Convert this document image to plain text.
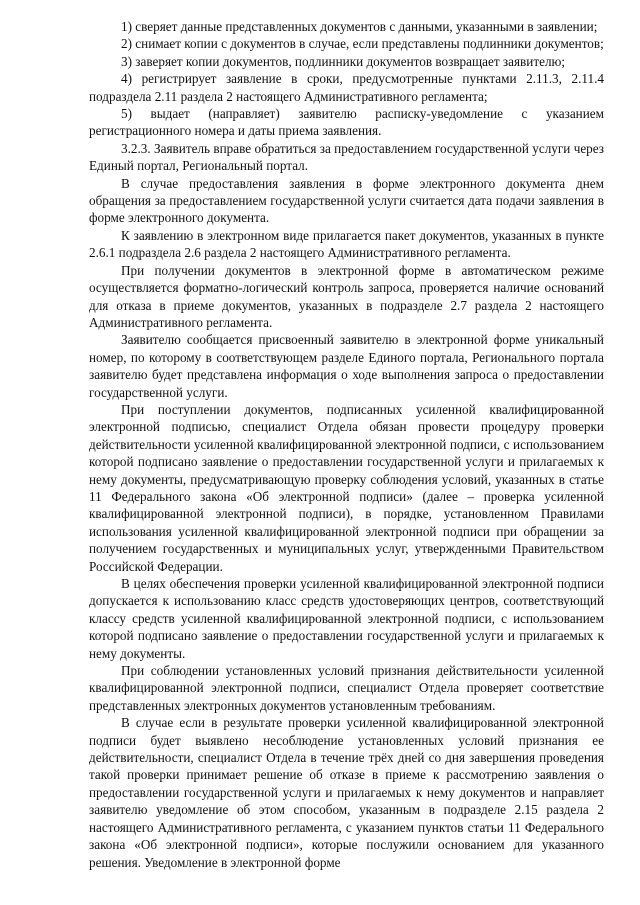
1) сверяет данные представленных документов с данными, указанными в заявлении;

2) снимает копии с документов в случае, если представлены подлинники документов;

3) заверяет копии документов, подлинники документов возвращает заявителю;

4) регистрирует заявление в сроки, предусмотренные пунктами 2.11.3, 2.11.4 подраздела 2.11 раздела 2 настоящего Административного регламента;

5) выдает (направляет) заявителю расписку-уведомление с указанием регистрационного номера и даты приема заявления.

3.2.3. Заявитель вправе обратиться за предоставлением государственной услуги через Единый портал, Региональный портал.

В случае предоставления заявления в форме электронного документа днем обращения за предоставлением государственной услуги считается дата подачи заявления в форме электронного документа.

К заявлению в электронном виде прилагается пакет документов, указанных в пункте 2.6.1 подраздела 2.6 раздела 2 настоящего Административного регламента.

При получении документов в электронной форме в автоматическом режиме осуществляется форматно-логический контроль запроса, проверяется наличие оснований для отказа в приеме документов, указанных в подразделе 2.7 раздела 2 настоящего Административного регламента.

Заявителю сообщается присвоенный заявителю в электронной форме уникальный номер, по которому в соответствующем разделе Единого портала, Регионального портала заявителю будет представлена информация о ходе выполнения запроса о предоставлении государственной услуги.

При поступлении документов, подписанных усиленной квалифицированной электронной подписью, специалист Отдела обязан провести процедуру проверки действительности усиленной квалифицированной электронной подписи, с использованием которой подписано заявление о предоставлении государственной услуги и прилагаемых к нему документы, предусматривающую проверку соблюдения условий, указанных в статье 11 Федерального закона «Об электронной подписи» (далее – проверка усиленной квалифицированной электронной подписи), в порядке, установленном Правилами использования усиленной квалифицированной электронной подписи при обращении за получением государственных и муниципальных услуг, утвержденными Правительством Российской Федерации.

В целях обеспечения проверки усиленной квалифицированной электронной подписи допускается к использованию класс средств удостоверяющих центров, соответствующий классу средств усиленной квалифицированной электронной подписи, с использованием которой подписано заявление о предоставлении государственной услуги и прилагаемых к нему документы.

При соблюдении установленных условий признания действительности усиленной квалифицированной электронной подписи, специалист Отдела проверяет соответствие представленных электронных документов установленным требованиям.

В случае если в результате проверки усиленной квалифицированной электронной подписи будет выявлено несоблюдение установленных условий признания ее действительности, специалист Отдела в течение трёх дней со дня завершения проведения такой проверки принимает решение об отказе в приеме к рассмотрению заявления о предоставлении государственной услуги и прилагаемых к нему документов и направляет заявителю уведомление об этом способом, указанным в подразделе 2.15 раздела 2 настоящего Административного регламента, с указанием пунктов статьи 11 Федерального закона «Об электронной подписи», которые послужили основанием для указанного решения. Уведомление в электронной форме
